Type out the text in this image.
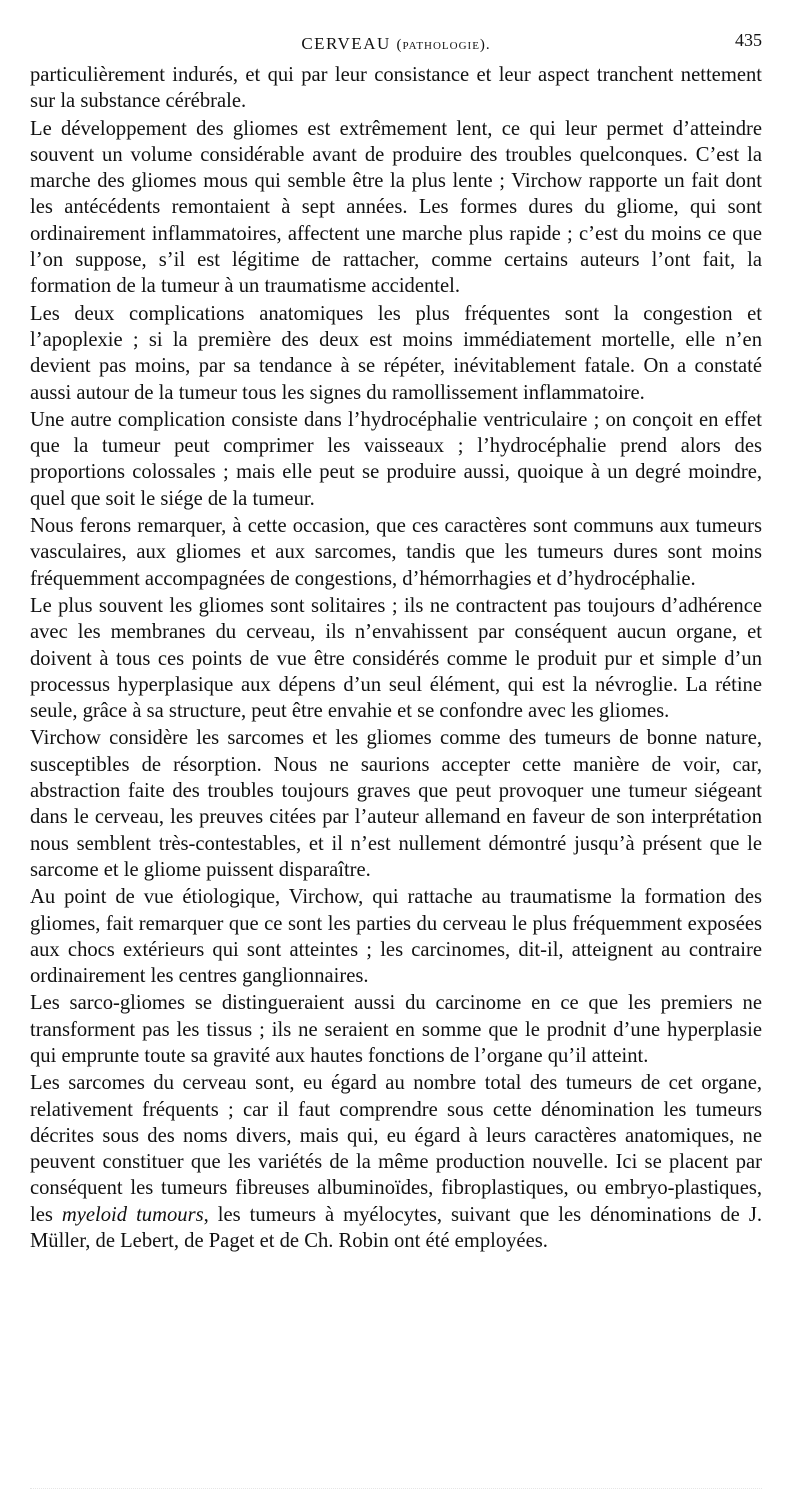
CERVEAU (pathologie).	435

particulièrement indurés, et qui par leur consistance et leur aspect tranchent nettement sur la substance cérébrale.

Le développement des gliomes est extrêmement lent, ce qui leur permet d’atteindre souvent un volume considérable avant de produire des troubles quelconques. C’est la marche des gliomes mous qui semble être la plus lente ; Virchow rapporte un fait dont les antécédents remontaient à sept années. Les formes dures du gliome, qui sont ordinairement inflammatoires, affectent une marche plus rapide ; c’est du moins ce que l’on suppose, s’il est légitime de rattacher, comme certains auteurs l’ont fait, la formation de la tumeur à un traumatisme accidentel.

Les deux complications anatomiques les plus fréquentes sont la congestion et l’apoplexie ; si la première des deux est moins immédiatement mortelle, elle n’en devient pas moins, par sa tendance à se répéter, inévitablement fatale. On a constaté aussi autour de la tumeur tous les signes du ramollissement inflammatoire.

Une autre complication consiste dans l’hydrocéphalie ventriculaire ; on conçoit en effet que la tumeur peut comprimer les vaisseaux ; l’hydrocéphalie prend alors des proportions colossales ; mais elle peut se produire aussi, quoique à un degré moindre, quel que soit le siége de la tumeur.

Nous ferons remarquer, à cette occasion, que ces caractères sont communs aux tumeurs vasculaires, aux gliomes et aux sarcomes, tandis que les tumeurs dures sont moins fréquemment accompagnées de congestions, d’hémorrhagies et d’hydrocéphalie.

Le plus souvent les gliomes sont solitaires ; ils ne contractent pas toujours d’adhérence avec les membranes du cerveau, ils n’envahissent par conséquent aucun organe, et doivent à tous ces points de vue être considérés comme le produit pur et simple d’un processus hyperplasique aux dépens d’un seul élément, qui est la névroglie. La rétine seule, grâce à sa structure, peut être envahie et se confondre avec les gliomes.

Virchow considère les sarcomes et les gliomes comme des tumeurs de bonne nature, susceptibles de résorption. Nous ne saurions accepter cette manière de voir, car, abstraction faite des troubles toujours graves que peut provoquer une tumeur siégeant dans le cerveau, les preuves citées par l’auteur allemand en faveur de son interprétation nous semblent très-contestables, et il n’est nullement démontré jusqu’à présent que le sarcome et le gliome puissent disparaître.

Au point de vue étiologique, Virchow, qui rattache au traumatisme la formation des gliomes, fait remarquer que ce sont les parties du cerveau le plus fréquemment exposées aux chocs extérieurs qui sont atteintes ; les carcinomes, dit-il, atteignent au contraire ordinairement les centres ganglionnaires.

Les sarco-gliomes se distingueraient aussi du carcinome en ce que les premiers ne transforment pas les tissus ; ils ne seraient en somme que le prodnit d’une hyperplasie qui emprunte toute sa gravité aux hautes fonctions de l’organe qu’il atteint.

Les sarcomes du cerveau sont, eu égard au nombre total des tumeurs de cet organe, relativement fréquents ; car il faut comprendre sous cette dénomination les tumeurs décrites sous des noms divers, mais qui, eu égard à leurs caractères anatomiques, ne peuvent constituer que les variétés de la même production nouvelle. Ici se placent par conséquent les tumeurs fibreuses albuminoïdes, fibroplastiques, ou embryo-plastiques, les myeloid tumours, les tumeurs à myélocytes, suivant que les dénominations de J. Müller, de Lebert, de Paget et de Ch. Robin ont été employées.
